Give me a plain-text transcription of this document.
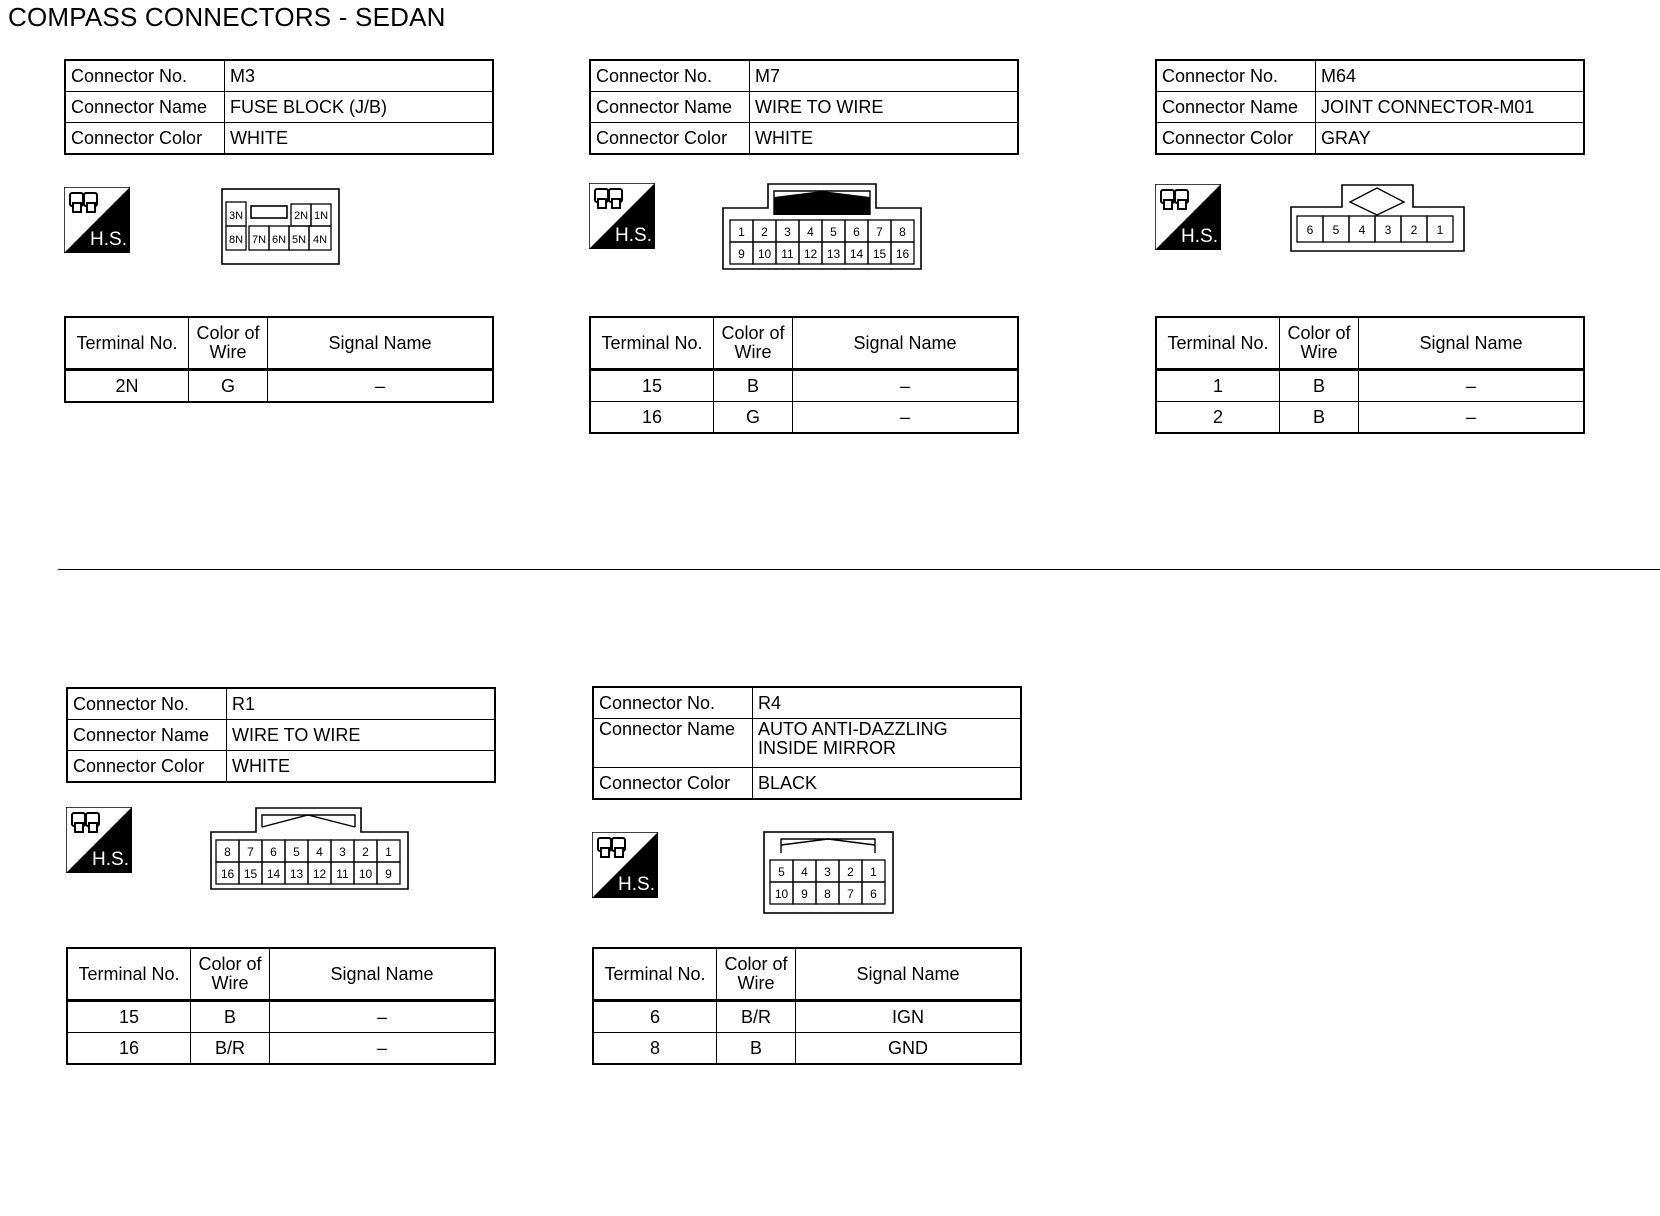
COMPASS CONNECTORS - SEDAN
Connector No.	M3
Connector Name	FUSE BLOCK (J/B)
Connector Color	WHITE
H.S.
3N	2N 1N
8N 7N 6N 5N 4N
Terminal No.	Color of Wire	Signal Name
2N	G	–
Connector No.	M7
Connector Name	WIRE TO WIRE
Connector Color	WHITE
H.S.	1 2 3 4 5 6 7 8
9 10 11 12 13 14 15 16
Terminal No.	Color of Wire	Signal Name
15	B	–
16	G	–
Connector No.	M64
Connector Name	JOINT CONNECTOR-M01
Connector Color	GRAY
H.S.	6 5 4 3 2 1
Terminal No.	Color of Wire	Signal Name
1	B	–
2	B	–
Connector No.	R1
Connector Name	WIRE TO WIRE
Connector Color	WHITE
H.S.	8 7 6 5 4 3 2 1
16 15 14 13 12 11 10 9
Terminal No.	Color of Wire	Signal Name
15	B	–
16	B/R	–
Connector No.	R4
Connector Name	AUTO ANTI-DAZZLING
INSIDE MIRROR

Connector Color	BLACK
H.S.
5 4 3 2 1
10 9 8 7 6
Terminal No.	Color of Wire	Signal Name
6	B/R	IGN
8	B	GND
